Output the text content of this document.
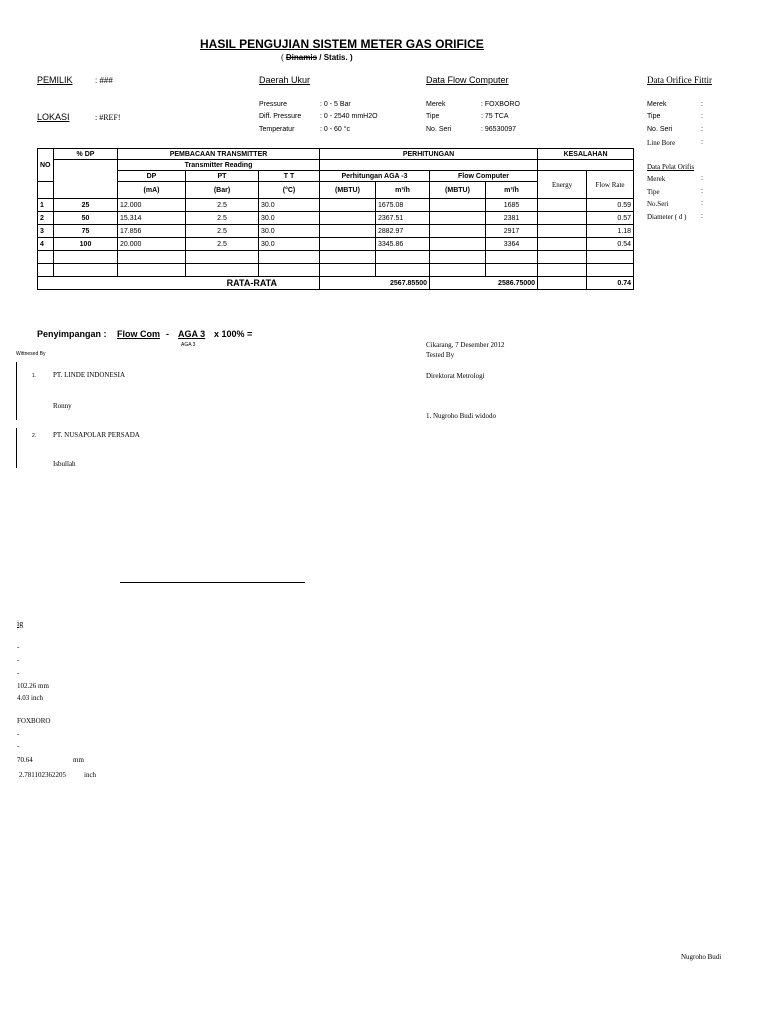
HASIL PENGUJIAN SISTEM METER GAS ORIFICE
( Dinamis / Statis. )
PEMILIK	: ###
LOKASI	: #REF!
Daerah Ukur
Pressure	: 0 - 5 Bar
Diff. Pressure	: 0 - 2540 mmH2O
Temperatur	: 0 - 60 °c
Data Flow Computer
Merek	: FOXBORO
Tipe	: 75 TCA
No. Seri	: 96530097
Data Orifice Fittir
Merek	:
Tipe	:
No. Seri	:
Line Bore	:
Data Pelat Orifis
Merek	:
Tipe	:
No.Seri	:
Diameter ( d ) :
NO	% DP	PEMBACAAN TRANSMITTER			PERHITUNGAN				KESALAHAN	
		Transmitter Reading								
		DP	PT	T T	Perhitungan AGA -3		Flow Computer		Energy	Flow Rate
		(mA)	(Bar)	(°C)	(MBTU)	m³/h	(MBTU)	m³/h		
1	25	12.000	2.5	30.0		1675.08		1685		0.59
2	50	15.314	2.5	30.0		2367.51		2381		0.57
3	75	17.856	2.5	30.0		2882.97		2917		1.18
4	100	20.000	2.5	30.0		3345.86		3364		0.54

RATA-RATA					2567.85500		2586.75000			0.74
Penyimpangan : Flow Com - AGA 3 x 100% =
AGA 3
Wittnesed By
1. PT. LINDE INDONESIA
Ronny
2. PT. NUSAPOLAR PERSADA
Isbullah
Cikarang, 7 Desember 2012
Tested By
Direktorat Metrologi
1. Nugroho Budi widodo
ig
-
-
-
102.26 mm
4.03 inch
FOXBORO
-
-
70.64	mm
2.781102362205	inch
Nugroho Budi
